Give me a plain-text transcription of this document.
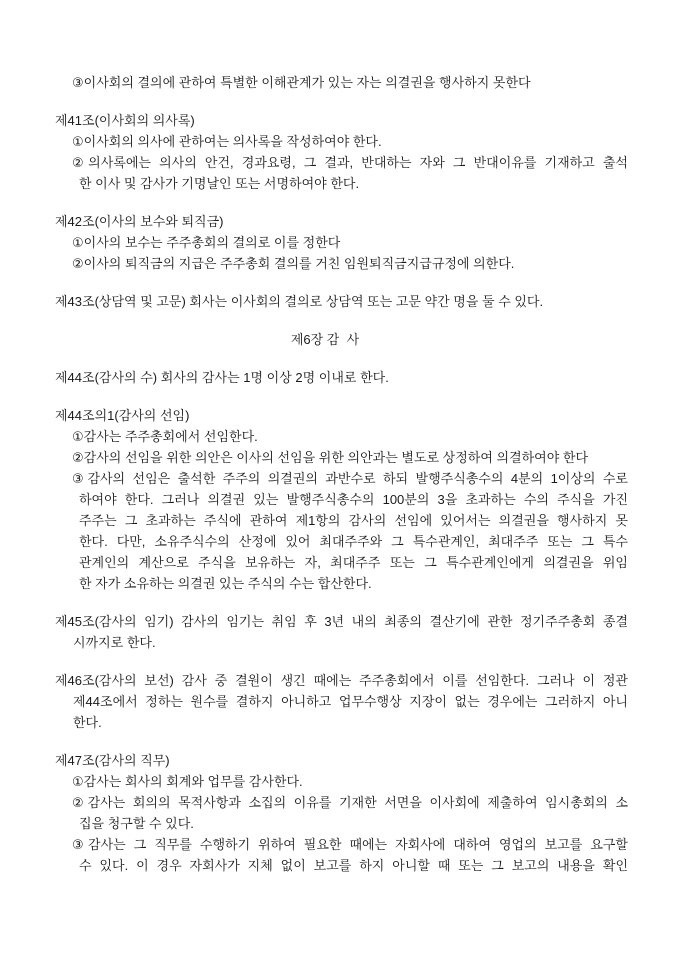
③이사회의 결의에 관하여 특별한 이해관계가 있는 자는 의결권을 행사하지 못한다
제41조(이사회의 의사록)
①이사회의 의사에 관하여는 의사록을 작성하여야 한다.
②의사록에는 의사의 안건, 경과요령, 그 결과, 반대하는 자와 그 반대이유를 기재하고 출석
한 이사 및 감사가 기명날인 또는 서명하여야 한다.
제42조(이사의 보수와 퇴직금)
①이사의 보수는 주주총회의 결의로 이를 정한다
②이사의 퇴직금의 지급은 주주총회 결의를 거친 임원퇴직금지급규정에 의한다.
제43조(상담역 및 고문) 회사는 이사회의 결의로 상담역 또는 고문 약간 명을 둘 수 있다.
제6장 감  사
제44조(감사의 수) 회사의 감사는 1명 이상 2명 이내로 한다.
제44조의1(감사의 선임)
①감사는 주주총회에서 선임한다.
②감사의 선임을 위한 의안은 이사의 선임을 위한 의안과는 별도로 상정하여 의결하여야 한다
③감사의 선임은 출석한 주주의 의결권의 과반수로 하되 발행주식총수의 4분의 1이상의 수로
하여야 한다. 그러나 의결권 있는 발행주식총수의 100분의 3을 초과하는 수의 주식을 가진
주주는 그 초과하는 주식에 관하여 제1항의 감사의 선임에 있어서는 의결권을 행사하지 못
한다. 다만, 소유주식수의 산정에 있어 최대주주와 그 특수관계인, 최대주주 또는 그 특수
관계인의 계산으로 주식을 보유하는 자, 최대주주 또는 그 특수관계인에게 의결권을 위임
한 자가 소유하는 의결권 있는 주식의 수는 합산한다.
제45조(감사의 임기) 감사의 임기는 취임 후 3년 내의 최종의 결산기에 관한 정기주주총회 종결
시까지로 한다.
제46조(감사의 보선) 감사 중 결원이 생긴 때에는 주주총회에서 이를 선임한다. 그러나 이 정관
제44조에서 정하는 원수를 결하지 아니하고 업무수행상 지장이 없는 경우에는 그러하지 아니
한다.
제47조(감사의 직무)
①감사는 회사의 회계와 업무를 감사한다.
②감사는 회의의 목적사항과 소집의 이유를 기재한 서면을 이사회에 제출하여 임시총회의 소
집을 청구할 수 있다.
③감사는 그 직무를 수행하기 위하여 필요한 때에는 자회사에 대하여 영업의 보고를 요구할
수 있다. 이 경우 자회사가 지체 없이 보고를 하지 아니할 때 또는 그 보고의 내용을 확인
